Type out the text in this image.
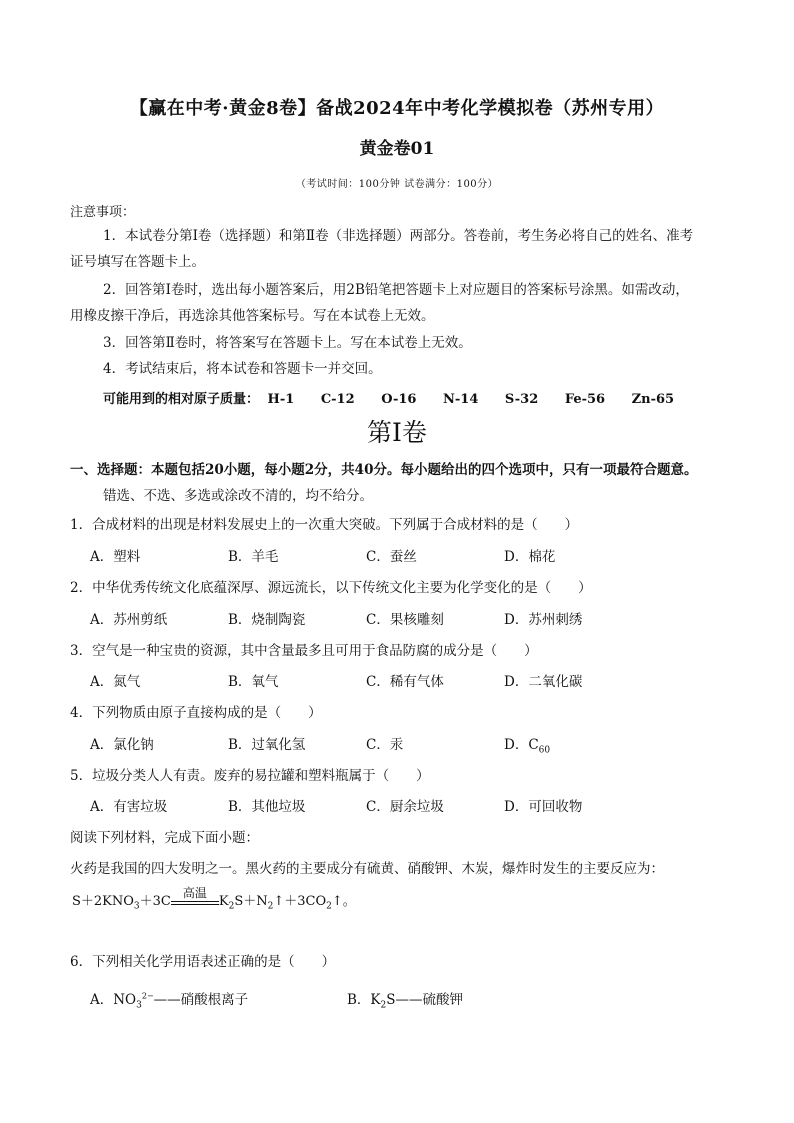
【赢在中考·黄金8卷】备战2024年中考化学模拟卷（苏州专用）
黄金卷01
（考试时间：100分钟 试卷满分：100分）
注意事项：
1．本试卷分第Ⅰ卷（选择题）和第Ⅱ卷（非选择题）两部分。答卷前，考生务必将自己的姓名、准考
证号填写在答题卡上。
2．回答第Ⅰ卷时，选出每小题答案后，用2B铅笔把答题卡上对应题目的答案标号涂黑。如需改动，
用橡皮擦干净后，再选涂其他答案标号。写在本试卷上无效。
3．回答第Ⅱ卷时，将答案写在答题卡上。写在本试卷上无效。
4．考试结束后，将本试卷和答题卡一并交回。
可能用到的相对原子质量： H-1 C-12 O-16 N-14 S-32 Fe-56 Zn-65
第Ⅰ卷
一、选择题：本题包括20小题，每小题2分，共40分。每小题给出的四个选项中，只有一项最符合题意。
错选、不选、多选或涂改不清的，均不给分。
1．合成材料的出现是材料发展史上的一次重大突破。下列属于合成材料的是（　　）
A．塑料	B．羊毛	C．蚕丝	D．棉花
2．中华优秀传统文化底蕴深厚、源远流长，以下传统文化主要为化学变化的是（　　）
A．苏州剪纸	B．烧制陶瓷	C．果核雕刻	D．苏州刺绣
3．空气是一种宝贵的资源，其中含量最多且可用于食品防腐的成分是（　　）
A．氮气	B．氧气	C．稀有气体	D．二氧化碳
4．下列物质由原子直接构成的是（　　）
A．氯化钠	B．过氧化氢	C．汞	D．$C_{60}$
5．垃圾分类人人有责。废弃的易拉罐和塑料瓶属于（　　）
A．有害垃圾	B．其他垃圾	C．厨余垃圾	D．可回收物
阅读下列材料，完成下面小题：
火药是我国的四大发明之一。黑火药的主要成分有硫黄、硝酸钾、木炭，爆炸时发生的主要反应为：
$S+2KNO_3+3C$
高温
$K_2S+N_2↑+3CO_2↑$。
6．下列相关化学用语表述正确的是（　　）
A．$NO_3^{2-}——$硝酸根离子	B．$K_2S——$硫酸钾
